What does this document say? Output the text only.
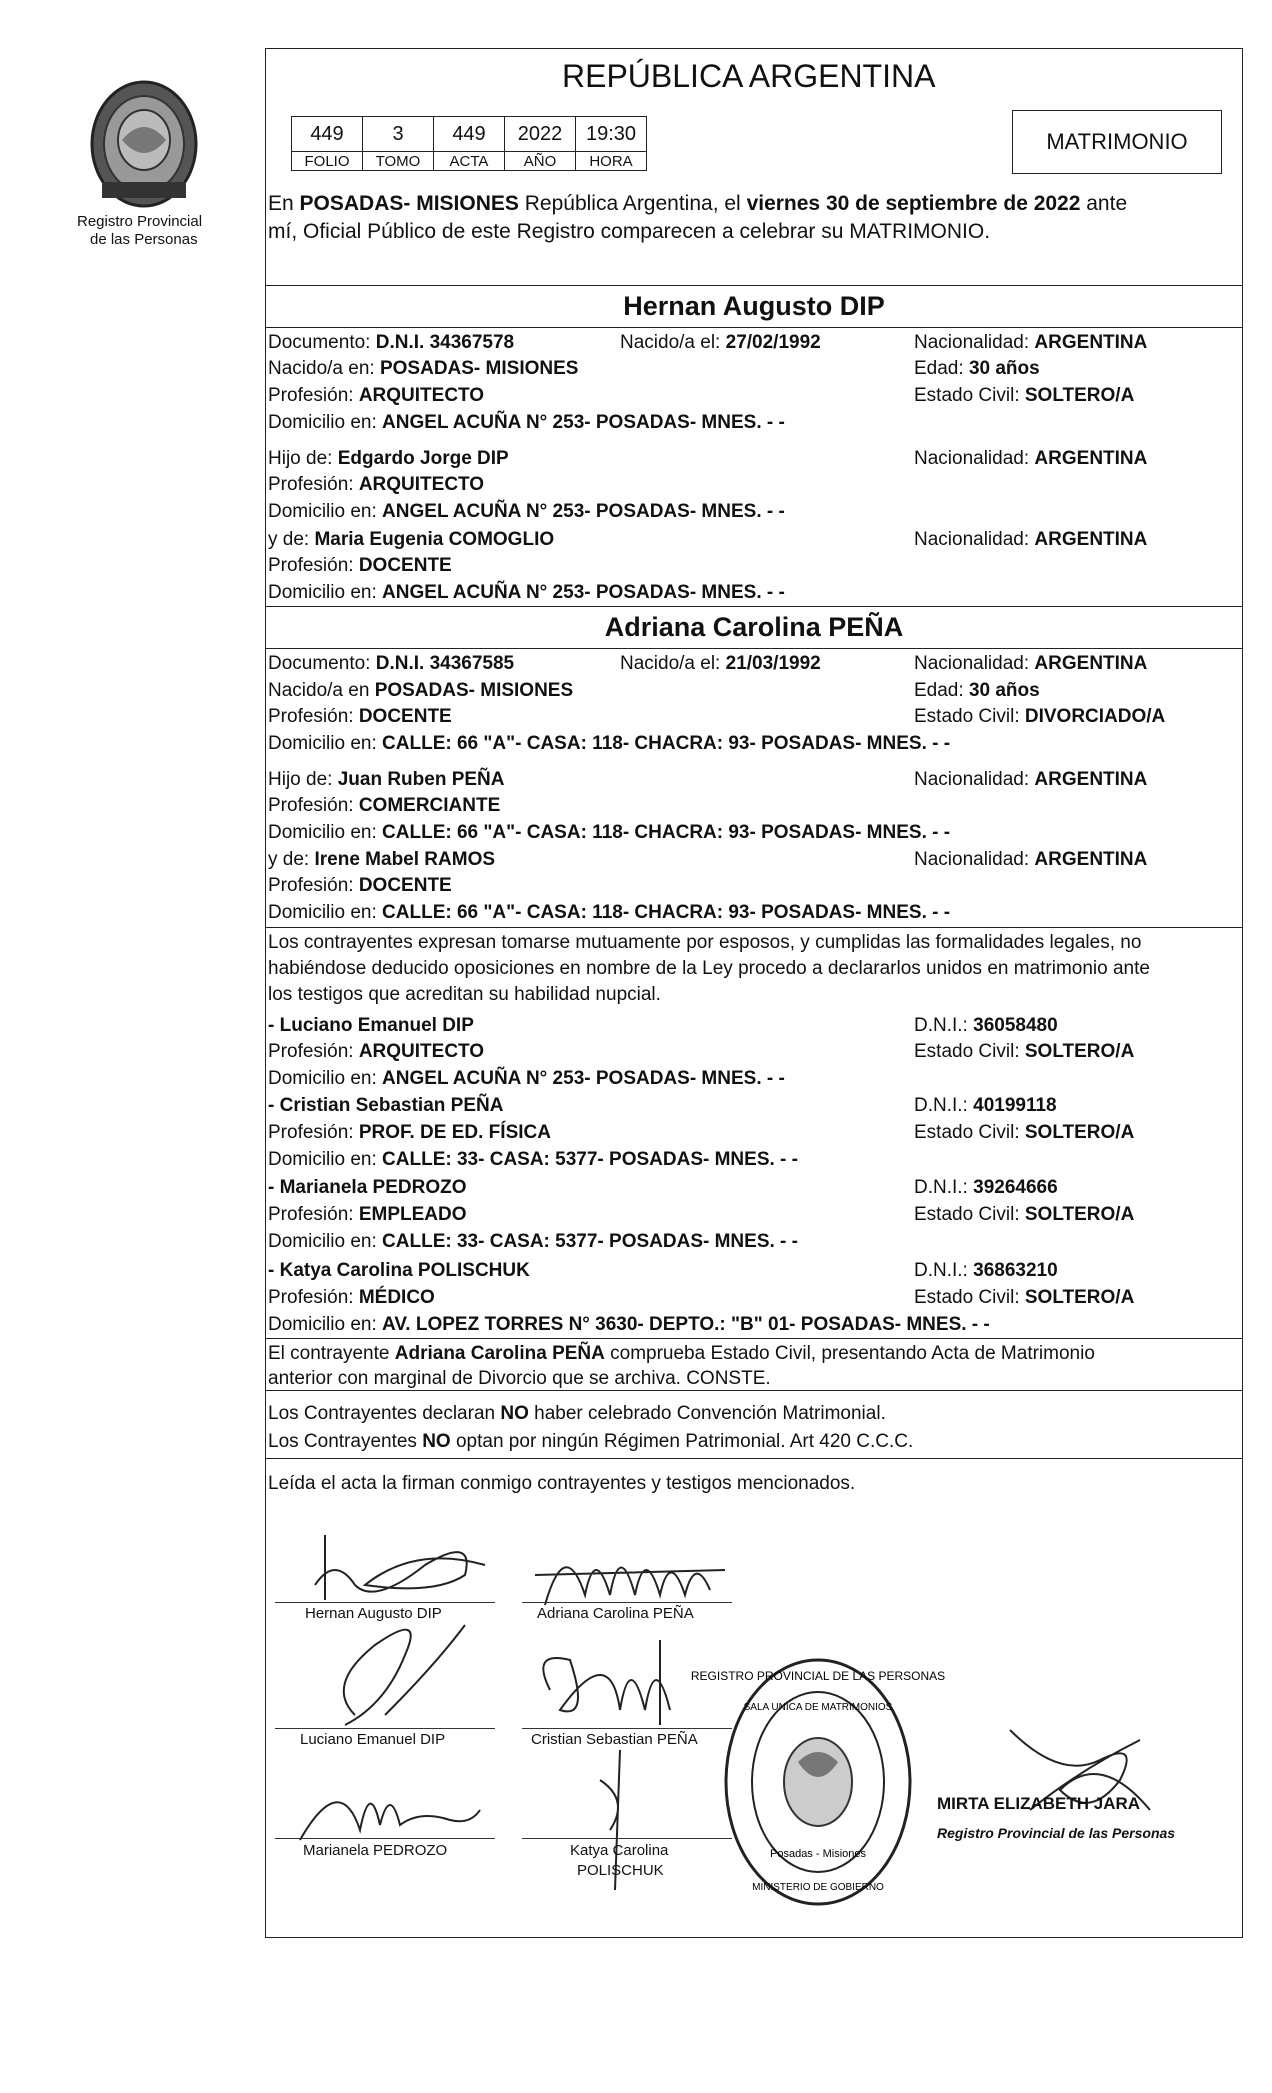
Registro Provincial
de las Personas
REPÚBLICA ARGENTINA
449	3	449	2022	19:30
FOLIO	TOMO	ACTA	AÑO	HORA
MATRIMONIO
En POSADAS- MISIONES República Argentina, el viernes 30 de septiembre de 2022 ante
mí, Oficial Público de este Registro comparecen a celebrar su MATRIMONIO.
Hernan Augusto DIP
Documento: D.N.I. 34367578	Nacido/a el: 27/02/1992	Nacionalidad: ARGENTINA
Nacido/a en: POSADAS- MISIONES	Edad: 30 años
Profesión: ARQUITECTO	Estado Civil: SOLTERO/A
Domicilio en: ANGEL ACUÑA N° 253- POSADAS- MNES. - -
Hijo de: Edgardo Jorge DIP	Nacionalidad: ARGENTINA
Profesión: ARQUITECTO
Domicilio en: ANGEL ACUÑA N° 253- POSADAS- MNES. - -
y de: Maria Eugenia COMOGLIO	Nacionalidad: ARGENTINA
Profesión: DOCENTE
Domicilio en: ANGEL ACUÑA N° 253- POSADAS- MNES. - -
Adriana Carolina PEÑA
Documento: D.N.I. 34367585	Nacido/a el: 21/03/1992	Nacionalidad: ARGENTINA
Nacido/a en POSADAS- MISIONES	Edad: 30 años
Profesión: DOCENTE	Estado Civil: DIVORCIADO/A
Domicilio en: CALLE: 66 "A"- CASA: 118- CHACRA: 93- POSADAS- MNES. - -
Hijo de: Juan Ruben PEÑA	Nacionalidad: ARGENTINA
Profesión: COMERCIANTE
Domicilio en: CALLE: 66 "A"- CASA: 118- CHACRA: 93- POSADAS- MNES. - -
y de: Irene Mabel RAMOS	Nacionalidad: ARGENTINA
Profesión: DOCENTE
Domicilio en: CALLE: 66 "A"- CASA: 118- CHACRA: 93- POSADAS- MNES. - -
Los contrayentes expresan tomarse mutuamente por esposos, y cumplidas las formalidades legales, no
habiéndose deducido oposiciones en nombre de la Ley procedo a declararlos unidos en matrimonio ante
los testigos que acreditan su habilidad nupcial.
- Luciano Emanuel DIP	D.N.I.: 36058480
Profesión: ARQUITECTO	Estado Civil: SOLTERO/A
Domicilio en: ANGEL ACUÑA N° 253- POSADAS- MNES. - -
- Cristian Sebastian PEÑA	D.N.I.: 40199118
Profesión: PROF. DE ED. FÍSICA	Estado Civil: SOLTERO/A
Domicilio en: CALLE: 33- CASA: 5377- POSADAS- MNES. - -
- Marianela PEDROZO	D.N.I.: 39264666
Profesión: EMPLEADO	Estado Civil: SOLTERO/A
Domicilio en: CALLE: 33- CASA: 5377- POSADAS- MNES. - -
- Katya Carolina POLISCHUK	D.N.I.: 36863210
Profesión: MÉDICO	Estado Civil: SOLTERO/A
Domicilio en: AV. LOPEZ TORRES N° 3630- DEPTO.: "B" 01- POSADAS- MNES. - -
El contrayente Adriana Carolina PEÑA comprueba Estado Civil, presentando Acta de Matrimonio
anterior con marginal de Divorcio que se archiva. CONSTE.
Los Contrayentes declaran NO haber celebrado Convención Matrimonial.
Los Contrayentes NO optan por ningún Régimen Patrimonial. Art 420 C.C.C.
Leída el acta la firman conmigo contrayentes y testigos mencionados.
Hernan Augusto DIP	Adriana Carolina PEÑA
Luciano Emanuel DIP	Cristian Sebastian PEÑA
Marianela PEDROZO	Katya Carolina
POLISCHUK
REGISTRO PROVINCIAL DE LAS PERSONAS
SALA UNICA DE MATRIMONIOS
Posadas - Misiones
MINISTERIO DE GOBIERNO
MIRTA ELIZABETH JARA
Registro Provincial de las Personas
